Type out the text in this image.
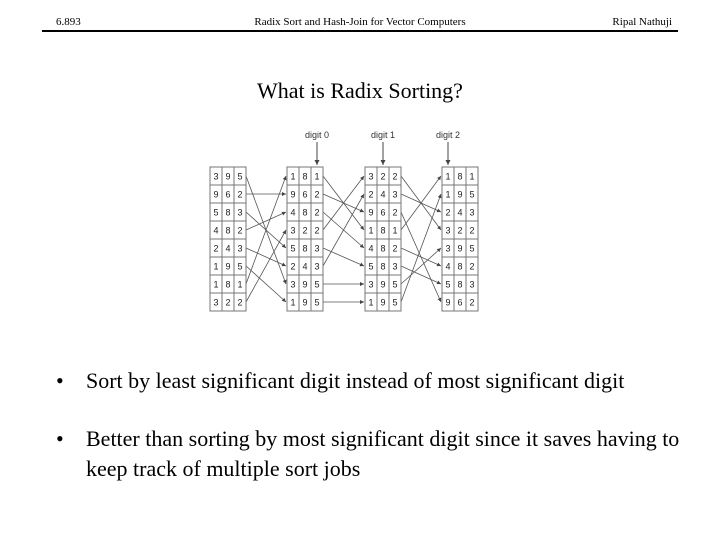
6.893	Radix Sort and Hash-Join for Vector Computers	Ripal Nathuji
What is Radix Sorting?
3 9 5
9 6 2
5 8 3
4 8 2
2 4 3
1 9 5
1 8 1
3 2 2
1 8 1
9 6 2
4 8 2
3 2 2
5 8 3
2 4 3
3 9 5
1 9 5
3 2 2
2 4 3
9 6 2
1 8 1
4 8 2
5 8 3
3 9 5
1 9 5
1 8 1
1 9 5
2 4 3
3 2 2
3 9 5
4 8 2
5 8 3
9 6 2
digit 0	digit 1	digit 2
• Sort by least significant digit instead of most significant digit
• Better than sorting by most significant digit since it saves having to keep track of multiple sort jobs
